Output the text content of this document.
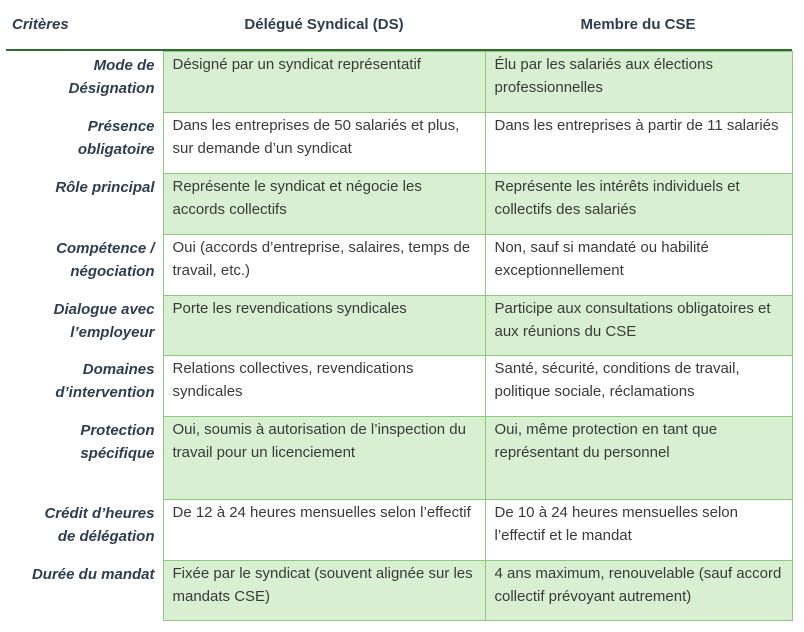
Critères	Délégué Syndical (DS)	Membre du CSE
Mode de
Désignation	Désigné par un syndicat représentatif	Élu par les salariés aux élections professionnelles

Présence
obligatoire	Dans les entreprises de 50 salariés et plus, sur demande d’un syndicat	Dans les entreprises à partir de 11 salariés

Rôle principal	Représente le syndicat et négocie les accords collectifs	Représente les intérêts individuels et collectifs des salariés

Compétence /
négociation	Oui (accords d’entreprise, salaires, temps de travail, etc.)	Non, sauf si mandaté ou habilité exceptionnellement

Dialogue avec
l’employeur	Porte les revendications syndicales	Participe aux consultations obligatoires et aux réunions du CSE

Domaines
d’intervention	Relations collectives, revendications syndicales	Santé, sécurité, conditions de travail, politique sociale, réclamations

Protection
spécifique	Oui, soumis à autorisation de l’inspection du travail pour un licenciement	Oui, même protection en tant que représentant du personnel

Crédit d’heures
de délégation	De 12 à 24 heures mensuelles selon l’effectif	De 10 à 24 heures mensuelles selon l’effectif et le mandat

Durée du mandat	Fixée par le syndicat (souvent alignée sur les mandats CSE)	4 ans maximum, renouvelable (sauf accord collectif prévoyant autrement)
